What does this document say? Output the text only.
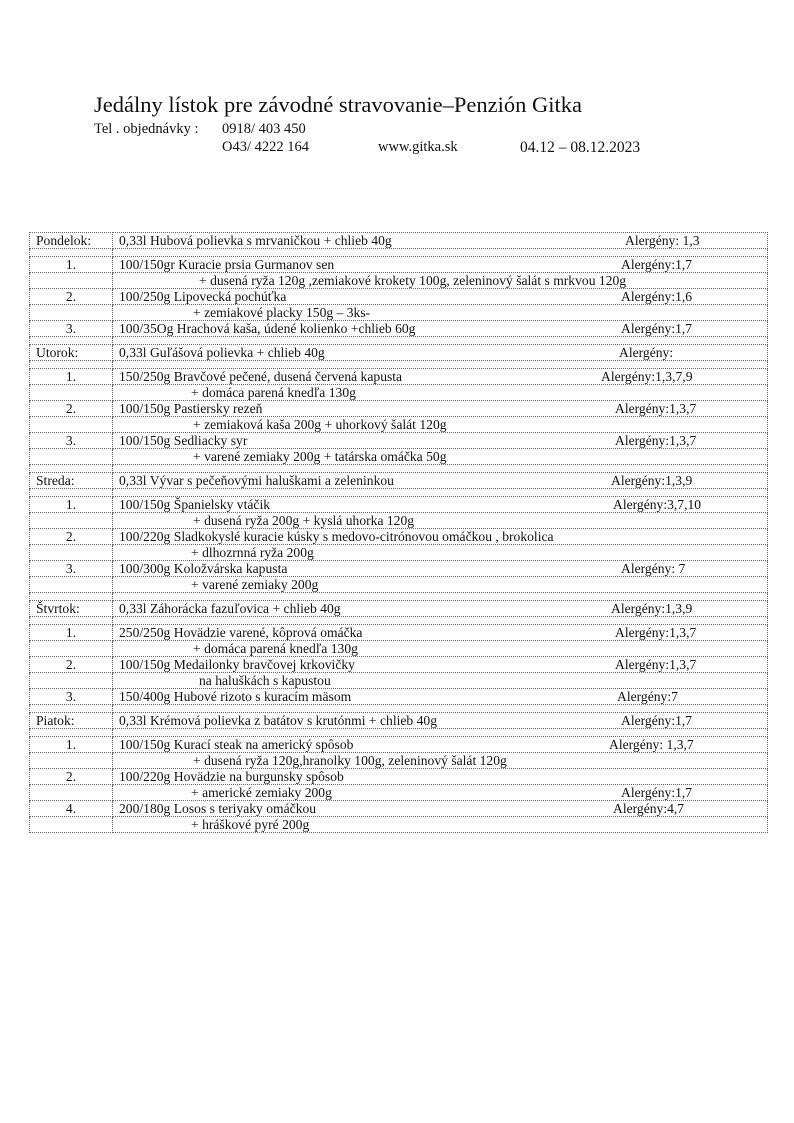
Jedálny lístok pre závodné stravovanie–Penzión Gitka
Tel . objednávky : 0918/ 403 450
O43/ 4222 164	www.gitka.sk	04.12 – 08.12.2023
Pondelok:	0,33l Hubová polievka s mrvaničkou + chlieb 40g Alergény: 1,3

1.	100/150gr Kuracie prsia Gurmanov sen Alergény:1,7

	+ dusená ryža 120g ,zemiakové krokety 100g, zeleninový šalát s mrkvou 120g
2.	100/250g Lipovecká pochúťka Alergény:1,6

	+ zemiakové placky 150g – 3ks-
3.	100/35Og Hrachová kaša, údené kolienko +chlieb 60g Alergény:1,7

Utorok:	0,33l Guľášová polievka + chlieb 40g Alergény:

1.	150/250g Bravčové pečené, dusená červená kapusta Alergény:1,3,7,9

	+ domáca parená knedľa 130g
2.	100/150g Pastiersky rezeň Alergény:1,3,7

	+ zemiaková kaša 200g + uhorkový šalát 120g
3.	100/150g Sedliacky syr Alergény:1,3,7

	+ varené zemiaky 200g + tatárska omáčka 50g

Streda:	0,33l Vývar s pečeňovými haluškami a zeleninkou Alergény:1,3,9

1.	100/150g Španielsky vtáčik Alergény:3,7,10

	+ dusená ryža 200g + kyslá uhorka 120g
2.	100/220g Sladkokyslé kuracie kúsky s medovo-citrónovou omáčkou , brokolica
	+ dlhozrnná ryža 200g
3.	100/300g Koložvárska kapusta Alergény: 7

	+ varené zemiaky 200g

Štvrtok:	0,33l Záhorácka fazuľovica + chlieb 40g Alergény:1,3,9

1.	250/250g Hovädzie varené, kôprová omáčka Alergény:1,3,7

	+ domáca parená knedľa 130g
2.	100/150g Medailonky bravčovej krkovičky Alergény:1,3,7

	na haluškách s kapustou
3.	150/400g Hubové rizoto s kuracím mäsom Alergény:7

Piatok:	0,33l Krémová polievka z batátov s krutónmi + chlieb 40g Alergény:1,7

1.	100/150g Kurací steak na americký spôsob Alergény: 1,3,7

	+ dusená ryža 120g,hranolky 100g, zeleninový šalát 120g
2.	100/220g Hovädzie na burgunsky spôsob
	+ americké zemiaky 200g Alergény:1,7

4.	200/180g Losos s teriyaky omáčkou Alergény:4,7

	+ hráškové pyré 200g
